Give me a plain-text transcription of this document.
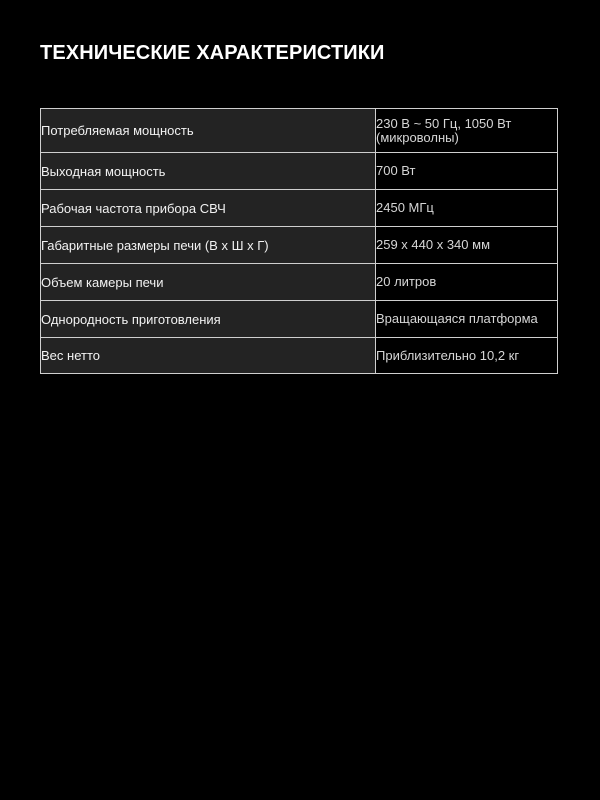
ТЕХНИЧЕСКИЕ ХАРАКТЕРИСТИКИ
Потребляемая мощность	230 В ~ 50 Гц, 1050 Вт
(микроволны)

Выходная мощность	700 Вт
Рабочая частота прибора СВЧ	2450 МГц
Габаритные размеры печи (В x Ш x Г)	259 x 440 x 340 мм
Объем камеры печи	20 литров
Однородность приготовления	Вращающаяся платформа
Вес нетто	Приблизительно 10,2 кг
